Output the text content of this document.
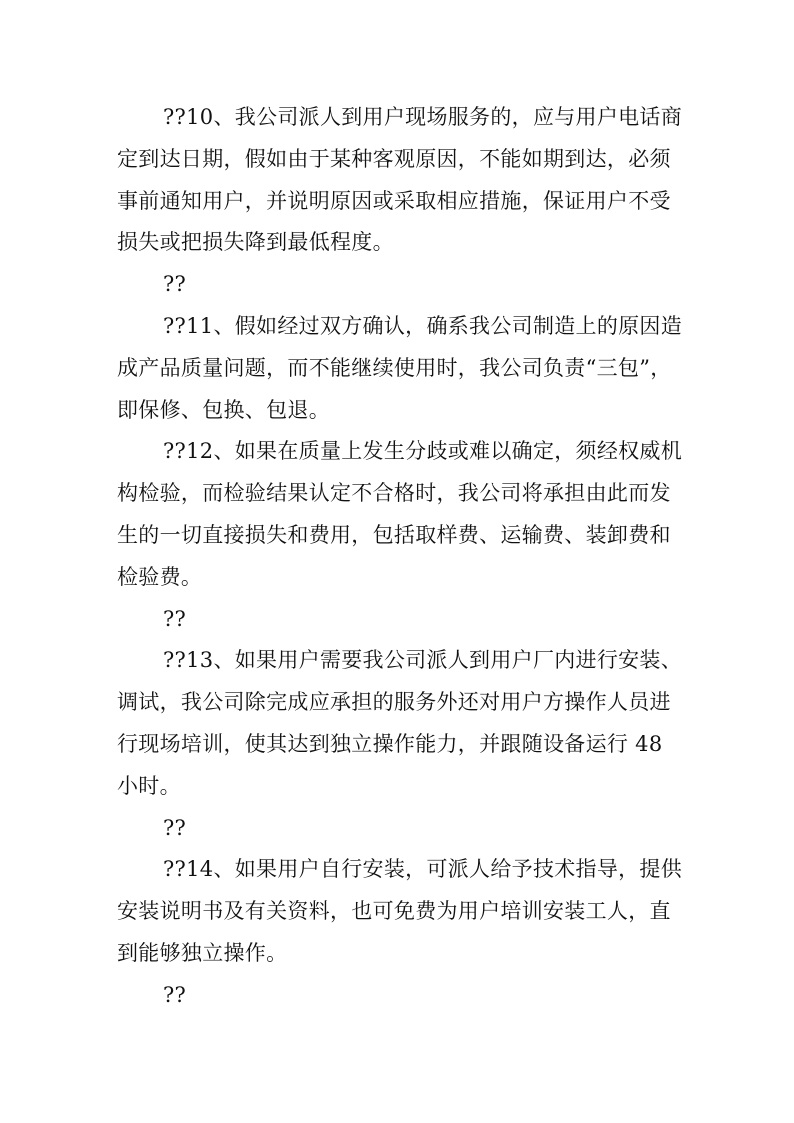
??10、我公司派人到用户现场服务的，应与用户电话商
定到达日期，假如由于某种客观原因，不能如期到达，必须
事前通知用户，并说明原因或采取相应措施，保证用户不受
损失或把损失降到最低程度。
??
??11、假如经过双方确认，确系我公司制造上的原因造
成产品质量问题，而不能继续使用时，我公司负责“三包”，
即保修、包换、包退。
??12、如果在质量上发生分歧或难以确定，须经权威机
构检验，而检验结果认定不合格时，我公司将承担由此而发
生的一切直接损失和费用，包括取样费、运输费、装卸费和
检验费。
??
??13、如果用户需要我公司派人到用户厂内进行安装、
调试，我公司除完成应承担的服务外还对用户方操作人员进
行现场培训，使其达到独立操作能力，并跟随设备运行 48
小时。
??
??14、如果用户自行安装，可派人给予技术指导，提供
安装说明书及有关资料，也可免费为用户培训安装工人，直
到能够独立操作。
??
